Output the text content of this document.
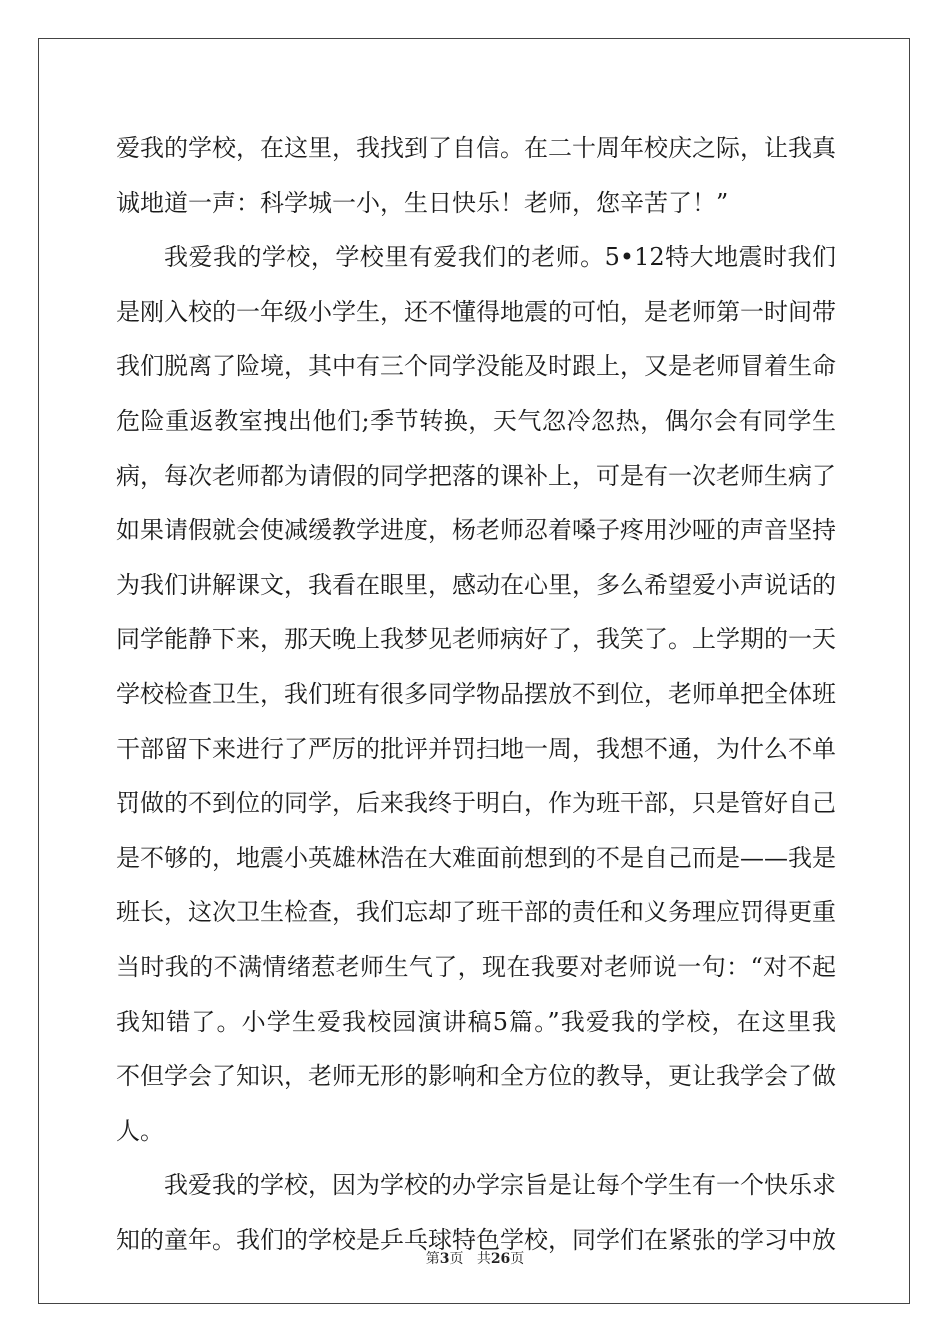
爱我的学校，在这里，我找到了自信。在二十周年校庆之际，让我真
诚地道一声：科学城一小，生日快乐！老师，您辛苦了！”
我爱我的学校，学校里有爱我们的老师。5•12特大地震时我们
是刚入校的一年级小学生，还不懂得地震的可怕，是老师第一时间带
我们脱离了险境，其中有三个同学没能及时跟上，又是老师冒着生命
危险重返教室拽出他们;季节转换，天气忽冷忽热，偶尔会有同学生
病，每次老师都为请假的同学把落的课补上，可是有一次老师生病了
如果请假就会使减缓教学进度，杨老师忍着嗓子疼用沙哑的声音坚持
为我们讲解课文，我看在眼里，感动在心里，多么希望爱小声说话的
同学能静下来，那天晚上我梦见老师病好了，我笑了。上学期的一天
学校检查卫生，我们班有很多同学物品摆放不到位，老师单把全体班
干部留下来进行了严厉的批评并罚扫地一周，我想不通，为什么不单
罚做的不到位的同学，后来我终于明白，作为班干部，只是管好自己
是不够的，地震小英雄林浩在大难面前想到的不是自己而是——我是
班长，这次卫生检查，我们忘却了班干部的责任和义务理应罚得更重
当时我的不满情绪惹老师生气了，现在我要对老师说一句：“对不起
我知错了。小学生爱我校园演讲稿5篇。”我爱我的学校，在这里我
不但学会了知识，老师无形的影响和全方位的教导，更让我学会了做
人。
我爱我的学校，因为学校的办学宗旨是让每个学生有一个快乐求
知的童年。我们的学校是乒乓球特色学校，同学们在紧张的学习中放
第3页 共26页
